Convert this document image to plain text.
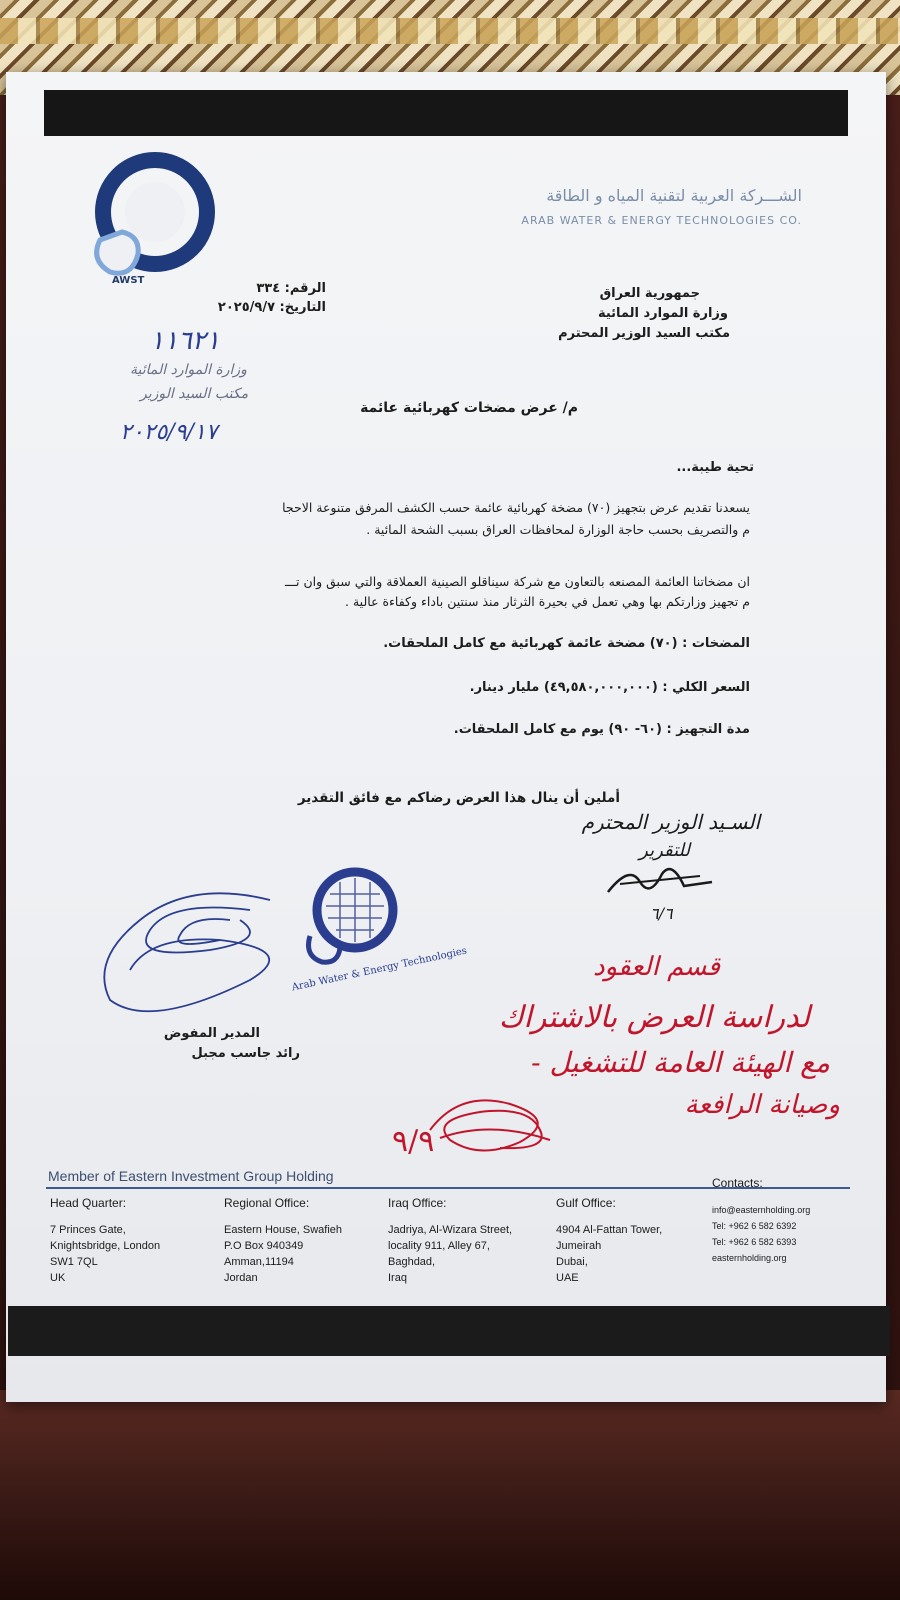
AWST
الشـــركة العربية لتقنية المياه و الطاقة
ARAB WATER & ENERGY TECHNOLOGIES CO.
الرقم: ٣٣٤
التاريخ: ٢٠٢٥/٩/٧
جمهورية العراق
وزارة الموارد المائية
مكتب السيد الوزير المحترم
١١٦٢١
وزارة الموارد المائية
مكتب السيد الوزير
٢٠٢٥/٩/١٧
م/ عرض مضخات كهربائية عائمة
تحية طيبة...
يسعدنا تقديم عرض بتجهيز (٧٠) مضخة كهربائية عائمة حسب الكشف المرفق متنوعة الاحجا
م والتصريف بحسب حاجة الوزارة لمحافظات العراق بسبب الشحة المائية .
ان مضخاتنا العائمة المصنعه بالتعاون مع شركة سيناقلو الصينية العملاقة والتي سبق وان تـــ
م تجهيز وزارتكم بها وهي تعمل في بحيرة الثرثار منذ سنتين باداء وكفاءة عالية .
المضخات : (٧٠) مضخة عائمة كهربائية مع كامل الملحقات.
السعر الكلي : (٤٩,٥٨٠,٠٠٠,٠٠٠) مليار دينار.
مدة التجهيز : (٦٠- ٩٠) يوم مع كامل الملحقات.
أملين أن ينال هذا العرض رضاكم مع فائق التقدير
السـيد الوزير المحترم
للتقرير
٦/٦
Arab Water & Energy Technologies
المدير المفوض
رائد جاسب مجبل
قسم العقود
لدراسة العرض بالاشتراك
مع الهيئة العامة للتشغيل -
وصيانة الرافعة
٩/٩
Member of Eastern Investment Group Holding
Head Quarter:
7 Princes Gate,
Knightsbridge, London
SW1 7QL
UK
Regional Office:
Eastern House, Swafieh
P.O Box 940349
Amman,11194
Jordan
Iraq Office:
Jadriya, Al-Wizara Street,
locality 911, Alley 67,
Baghdad,
Iraq
Gulf Office:
4904 Al-Fattan Tower,
Jumeirah
Dubai,
UAE
Contacts:
info@easternholding.org
Tel: +962 6 582 6392
Tel: +962 6 582 6393
easternholding.org
